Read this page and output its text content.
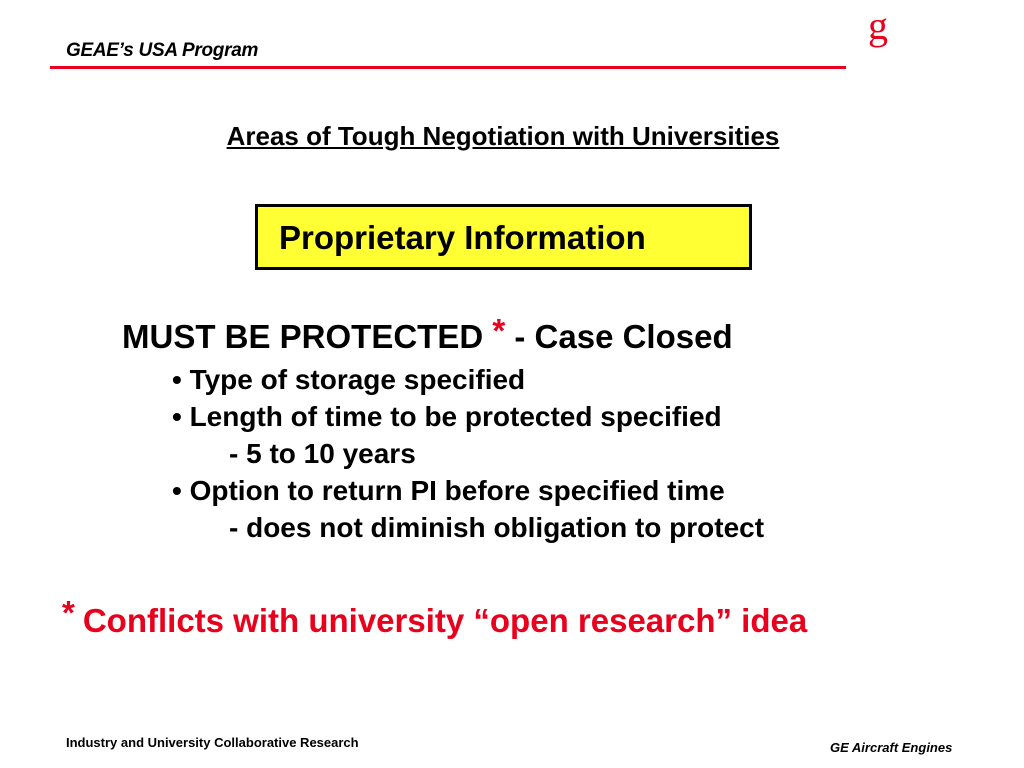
GEAE’s USA Program
g
Areas of Tough Negotiation with Universities
Proprietary Information
MUST BE PROTECTED * - Case Closed
• Type of storage specified
• Length of time to be protected specified
- 5 to 10 years
• Option to return PI before specified time
- does not diminish obligation to protect
* Conflicts with university “open research” idea
Industry and University Collaborative Research	GE Aircraft Engines
